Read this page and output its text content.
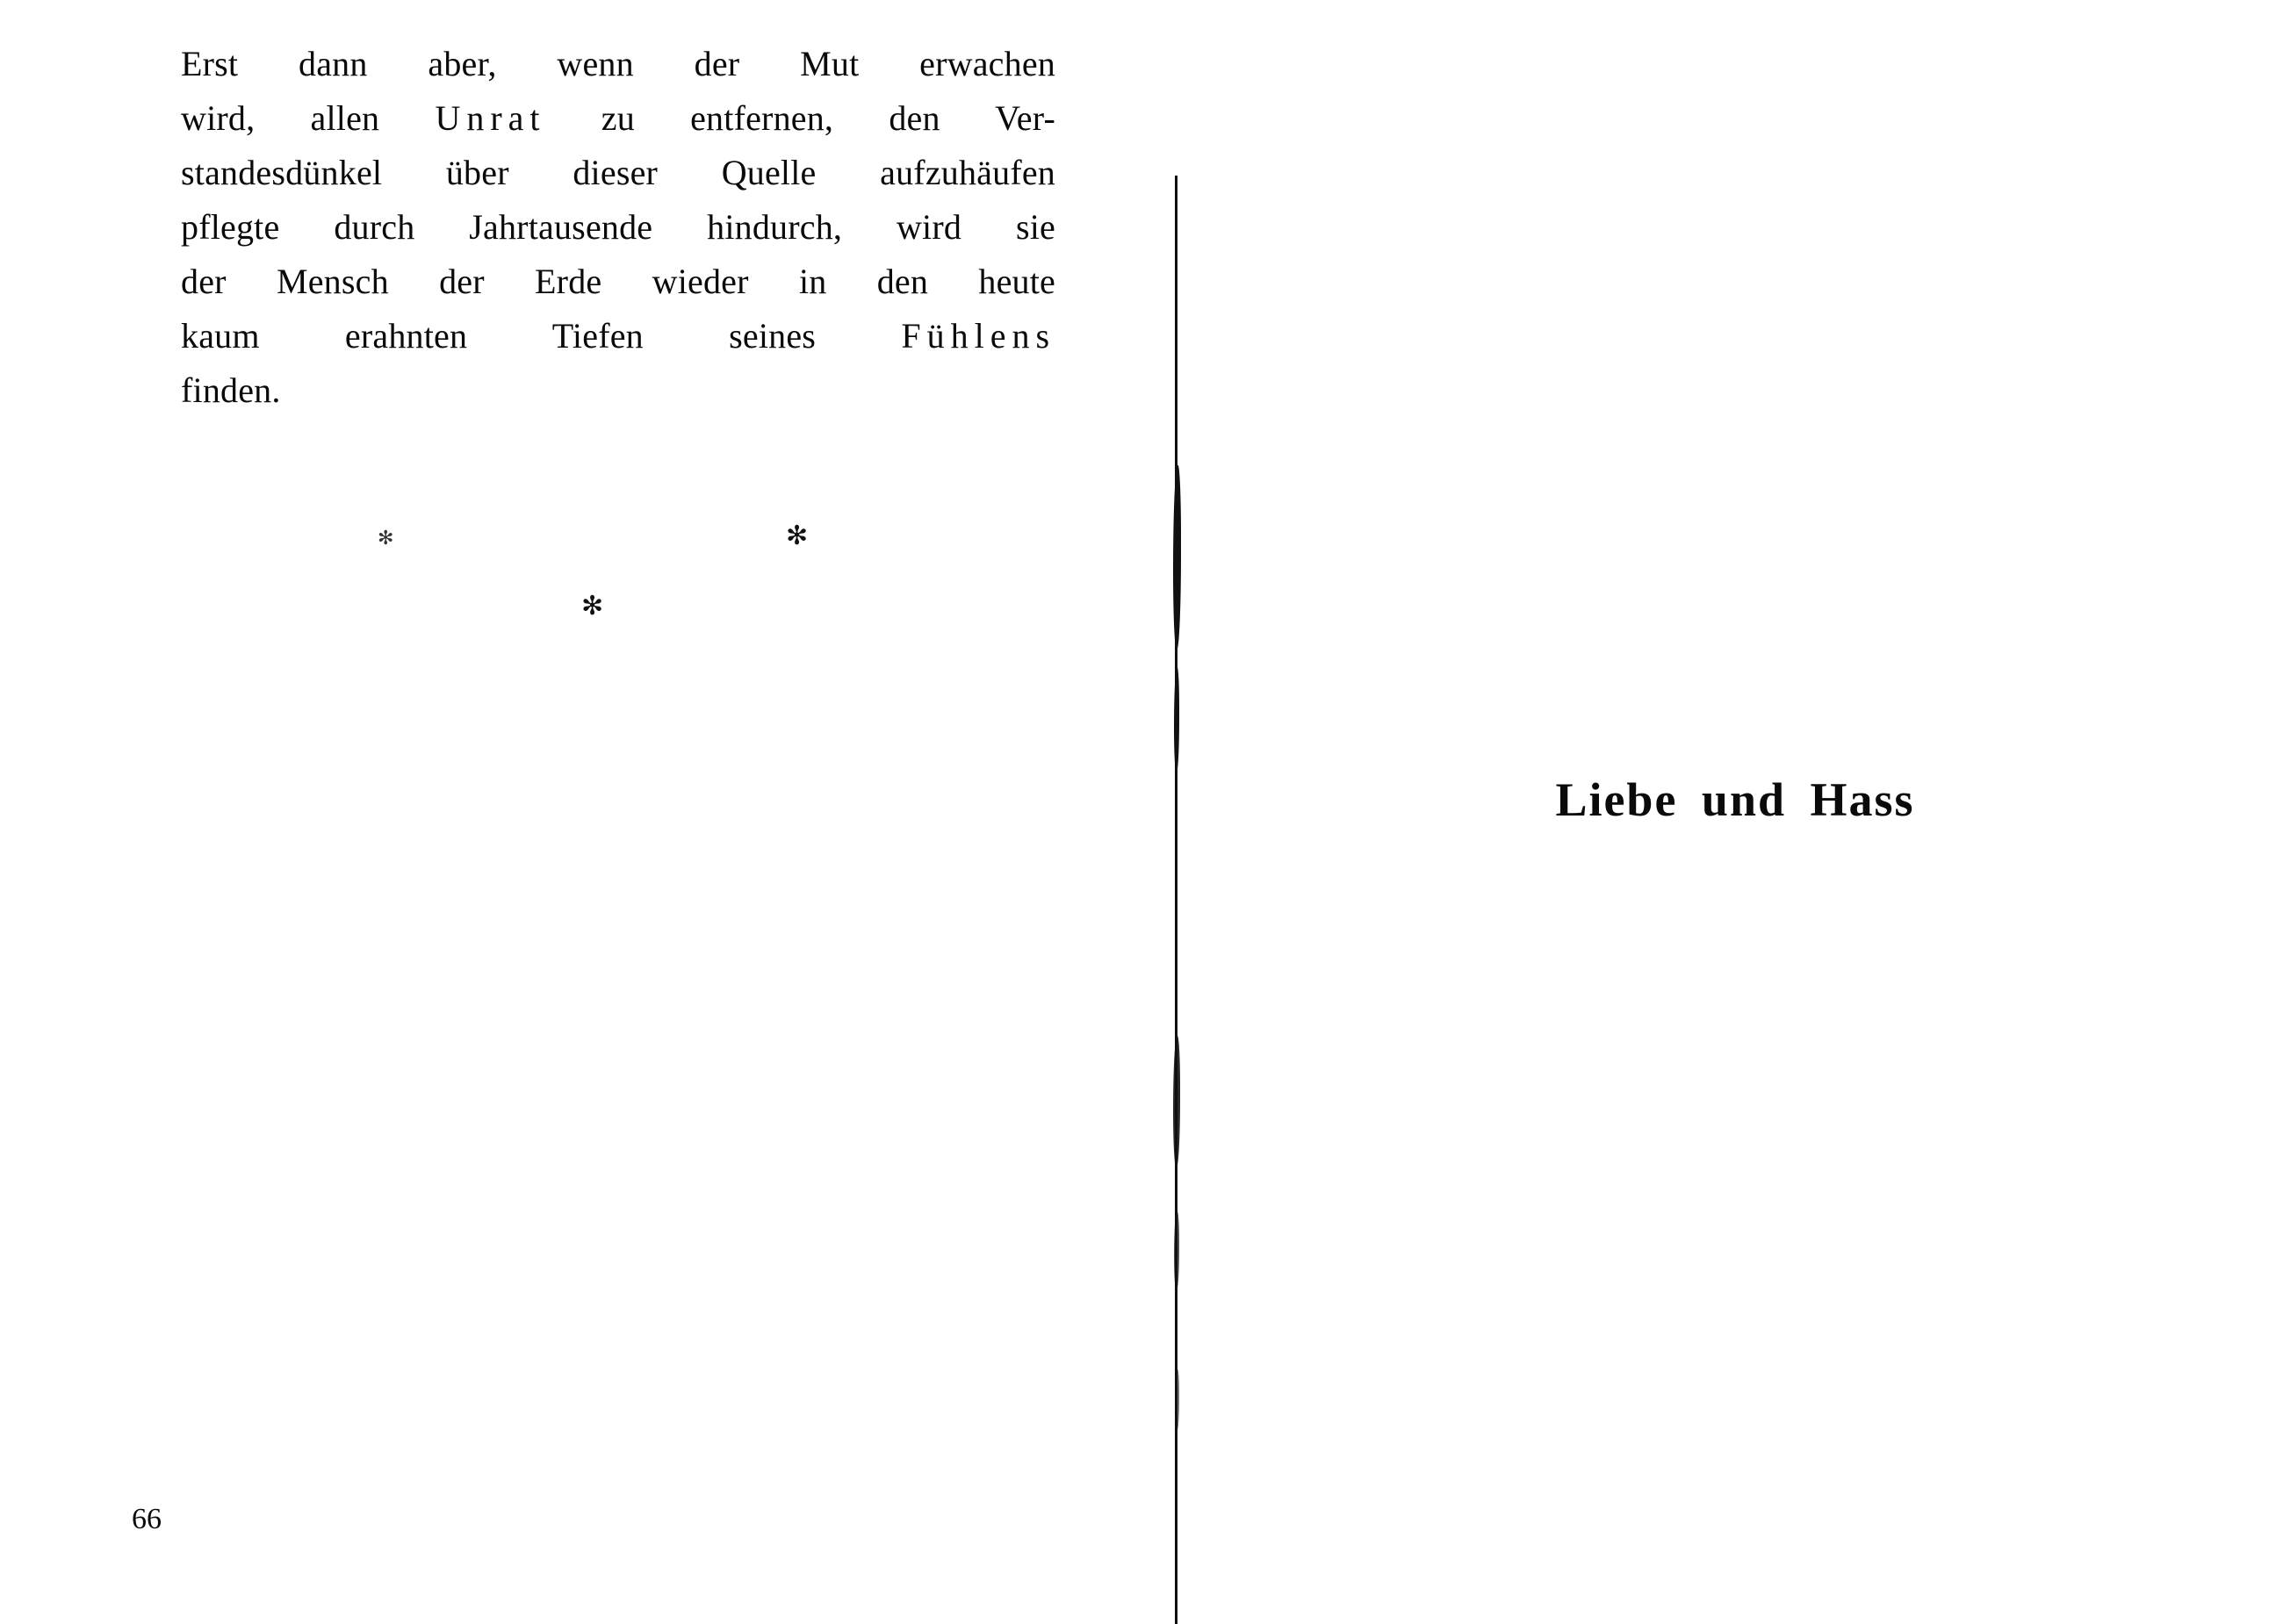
Erst dann aber, wenn der Mut erwachen
wird, allen Unrat zu entfernen, den Ver-
standesdünkel über dieser Quelle aufzuhäufen
pflegte durch Jahrtausende hindurch, wird sie
der Mensch der Erde wieder in den heute
kaum erahnten Tiefen seines Fühlens
finden.

✻	✻
✻
66
Liebe und Hass
